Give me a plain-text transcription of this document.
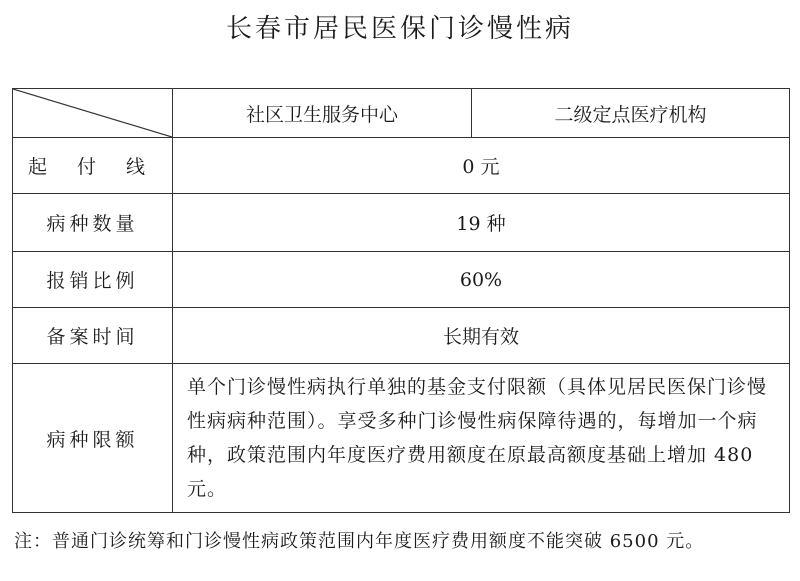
长春市居民医保门诊慢性病
	社区卫生服务中心	二级定点医疗机构
起 付 线	0 元	
病种数量	19 种	
报销比例	60%	
备案时间	长期有效	
病种限额	单个门诊慢性病执行单独的基金支付限额（具体见居民医保门诊慢性病病种范围）。享受多种门诊慢性病保障待遇的，每增加一个病种，政策范围内年度医疗费用额度在原最高额度基础上增加 480 元。	
注：普通门诊统筹和门诊慢性病政策范围内年度医疗费用额度不能突破 6500 元。
